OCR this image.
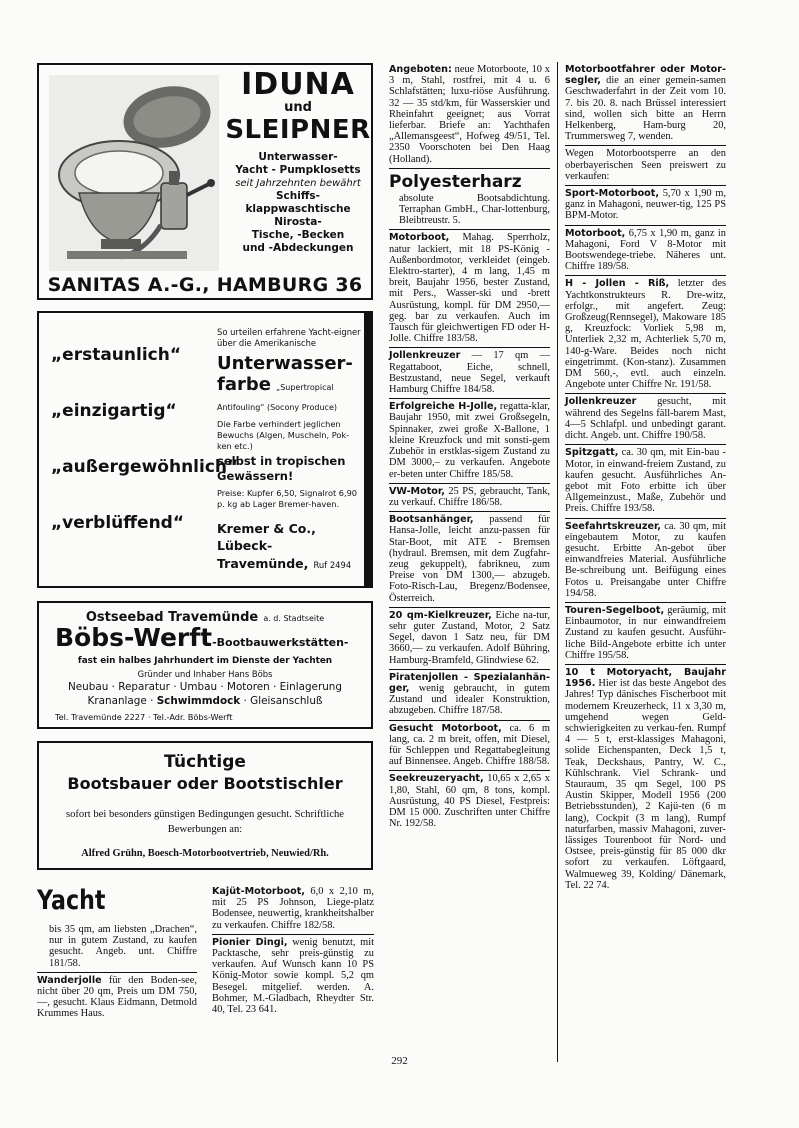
IDUNA
und
SLEIPNER
Unterwasser-
Yacht - Pumpklosetts
seit Jahrzehnten bewährt
Schiffs-
klappwaschtische
Nirosta-
Tische, -Becken
und -Abdeckungen
SANITAS A.-G., HAMBURG 36
„erstaunlich“
„einzigartig“
„außergewöhnlich“
„verblüffend“
So urteilen erfahrene Yacht-eigner über die Amerikanische
Unterwasser-
farbe „Supertropical Antifouling“ (Socony Produce)
Die Farbe verhindert jeglichen Bewuchs (Algen, Muscheln, Pok-ken etc.)
selbst in tropischen Gewässern!
Preise: Kupfer 6,50, Signalrot 6,90 p. kg ab Lager Bremer-haven.
Kremer & Co., Lübeck-
Travemünde, Ruf 2494
Ostseebad Travemünde a. d. Stadtseite
Böbs-Werft-Bootbauwerkstätten-
fast ein halbes Jahrhundert im Dienste der Yachten
Gründer und Inhaber Hans Böbs
Neubau · Reparatur · Umbau · Motoren · Einlagerung
Krananlage · Schwimmdock · Gleisanschluß
Tel. Travemünde 2227 · Tel.-Adr. Böbs-Werft
Tüchtige
Bootsbauer oder Bootstischler
sofort bei besonders günstigen Bedingungen gesucht. Schriftliche Bewerbungen an:
Alfred Grühn, Boesch-Motorbootvertrieb, Neuwied/Rh.
Yacht
bis 35 qm, am liebsten „Drachen“, nur in gutem Zustand, zu kaufen gesucht. Angeb. unt. Chiffre 181/58.
Wanderjolle für den Boden-see, nicht über 20 qm, Preis um DM 750,—, gesucht. Klaus Eidmann, Detmold Krummes Haus.
Kajüt-Motorboot, 6,0 x 2,10 m, mit 25 PS Johnson, Liege-platz Bodensee, neuwertig, krankheitshalber zu verkaufen. Chiffre 182/58.
Pionier Dingi, wenig benutzt, mit Packtasche, sehr preis-günstig zu verkaufen. Auf Wunsch kann 10 PS König-Motor sowie kompl. 5,2 qm Besegel. mitgelief. werden. A. Bohmer, M.-Gladbach, Rheydter Str. 40, Tel. 23 641.
Angeboten: neue Motorboote, 10 x 3 m, Stahl, rostfrei, mit 4 u. 6 Schlafstätten; luxu-riöse Ausführung. 32 — 35 std/km, für Wasserskier und Rheinfahrt geeignet; aus Vorrat lieferbar. Briefe an: Yachthafen „Allemansgeest“, Hofweg 49/51, Tel. 2350 Voorschoten bei Den Haag (Holland).
Polyesterharz
absolute Bootsabdichtung. Terraphan GmbH., Char-lottenburg, Bleibtreustr. 5.
Motorboot, Mahag. Sperrholz, natur lackiert, mit 18 PS-König - Außenbordmotor, verkleidet (eingeb. Elektro-starter), 4 m lang, 1,45 m breit, Baujahr 1956, bester Zustand, mit Pers., Wasser-ski und -brett Ausrüstung, kompl. für DM 2950,— geg. bar zu verkaufen. Auch im Tausch für gleichwertigen FD oder H-Jolle. Chiffre 183/58.
Jollenkreuzer — 17 qm — Regattaboot, Eiche, schnell, Bestzustand, neue Segel, verkauft Hamburg Chiffre 184/58.
Erfolgreiche H-Jolle, regatta-klar, Baujahr 1950, mit zwei Großsegeln, Spinnaker, zwei große X-Ballone, 1 kleine Kreuzfock und mit sonsti-gem Zubehör in erstklas-sigem Zustand zu DM 3000,– zu verkaufen. Angebote er-beten unter Chiffre 185/58.
VW-Motor, 25 PS, gebraucht, Tank, zu verkauf. Chiffre 186/58.
Bootsanhänger, passend für Hansa-Jolle, leicht anzu-passen für Star-Boot, mit ATE - Bremsen (hydraul. Bremsen, mit dem Zugfahr-zeug gekuppelt), fabrikneu, zum Preise von DM 1300,— abzugeb. Foto-Risch-Lau, Bregenz/Bodensee, Österreich.
20 qm-Kielkreuzer, Eiche na-tur, sehr guter Zustand, Motor, 2 Satz Segel, davon 1 Satz neu, für DM 3660,— zu verkaufen. Adolf Bühring, Hamburg-Bramfeld, Glindwiese 62.
Piratenjollen - Spezialanhän-ger, wenig gebraucht, in gutem Zustand und idealer Konstruktion, abzugeben. Chiffre 187/58.
Gesucht Motorboot, ca. 6 m lang, ca. 2 m breit, offen, mit Diesel, für Schleppen und Regattabegleitung auf Binnensee. Angeb. Chiffre 188/58.
Seekreuzeryacht, 10,65 x 2,65 x 1,80, Stahl, 60 qm, 8 tons, kompl. Ausrüstung, 40 PS Diesel, Festpreis: DM 15 000. Zuschriften unter Chiffre Nr. 192/58.
Motorbootfahrer oder Motor-segler, die an einer gemein-samen Geschwaderfahrt in der Zeit vom 10. 7. bis 20. 8. nach Brüssel interessiert sind, wollen sich bitte an Herrn Helkenberg, Ham-burg 20, Trummersweg 7, wenden.
Wegen Motorbootsperre an den oberbayerischen Seen preiswert zu verkaufen:
Sport-Motorboot, 5,70 x 1,90 m, ganz in Mahagoni, neuwer-tig, 125 PS BPM-Motor.
Motorboot, 6,75 x 1,90 m, ganz in Mahagoni, Ford V 8-Motor mit Bootswendege-triebe. Näheres unt. Chiffre 189/58.
H - Jollen - Riß, letzter des Yachtkonstrukteurs R. Dre-witz, erfolgr., mit angefert. Zeug: Großzeug(Rennsegel), Makoware 185 g, Kreuzfock: Vorliek 5,98 m, Unterliek 2,32 m, Achterliek 5,70 m, 140-g-Ware. Beides noch nicht eingetrimmt. (Kon-stanz). Zusammen DM 560,-, evtl. auch einzeln. Angebote unter Chiffre Nr. 191/58.
Jollenkreuzer gesucht, mit während des Segelns fäll-barem Mast, 4—5 Schlafpl. und unbedingt garant. dicht. Angeb. unt. Chiffre 190/58.
Spitzgatt, ca. 30 qm, mit Ein-bau - Motor, in einwand-freiem Zustand, zu kaufen gesucht. Ausführliches An-gebot mit Foto erbitte ich über Allgemeinzust., Maße, Zubehör und Preis. Chiffre 193/58.
Seefahrtskreuzer, ca. 30 qm, mit eingebautem Motor, zu kaufen gesucht. Erbitte An-gebot über einwandfreies Material. Ausführliche Be-schreibung unt. Beifügung eines Fotos u. Preisangabe unter Chiffre 194/58.
Touren-Segelboot, geräumig, mit Einbaumotor, in nur einwandfreiem Zustand zu kaufen gesucht. Ausführ-liche Bild-Angebote erbitte ich unter Chiffre 195/58.
10 t Motoryacht, Baujahr 1956. Hier ist das beste Angebot des Jahres! Typ dänisches Fischerboot mit modernem Kreuzerheck, 11 x 3,30 m, umgehend wegen Geld-schwierigkeiten zu verkau-fen. Rumpf 4 — 5 t, erst-klassiges Mahagoni, solide Eichenspanten, Deck 1,5 t, Teak, Deckshaus, Pantry, W. C., Kühlschrank. Viel Schrank- und Stauraum, 35 qm Segel, 100 PS Austin Skipper, Modell 1956 (200 Betriebsstunden), 2 Kajü-ten (6 m lang), Cockpit (3 m lang), Rumpf naturfarben, massiv Mahagoni, zuver-lässiges Tourenboot für Nord- und Ostsee, preis-günstig für 85 000 dkr sofort zu verkaufen. Löftgaard, Walmueweg 39, Kolding/ Dänemark, Tel. 22 74.
292
